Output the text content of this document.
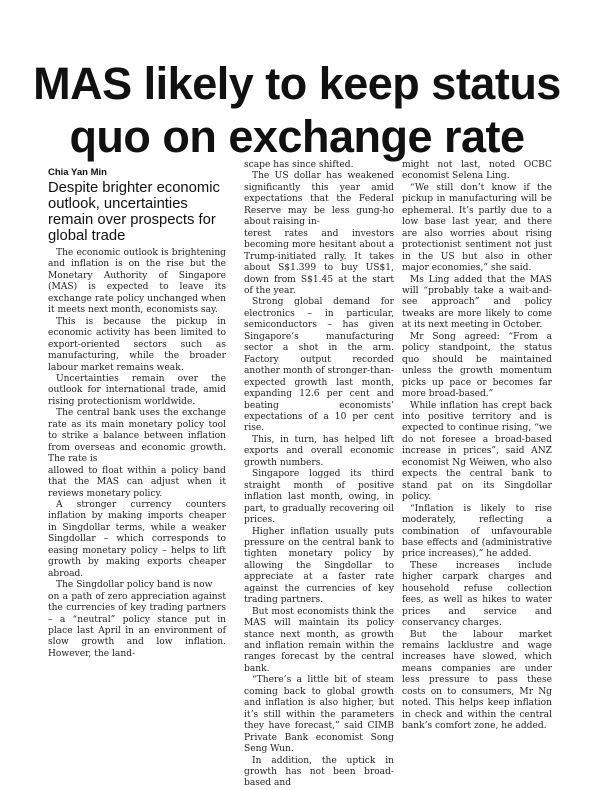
MAS likely to keep status
quo on exchange rate
Chia Yan Min
Despite brighter economic outlook, uncertainties remain over prospects for global trade

The economic outlook is brightening and inflation is on the rise but the Monetary Authority of Singapore (MAS) is expected to leave its exchange rate policy unchanged when it meets next month, economists say.

This is because the pickup in economic activity has been limited to export-oriented sectors such as manufacturing, while the broader labour market remains weak.

Uncertainties remain over the outlook for international trade, amid rising protectionism worldwide.

The central bank uses the exchange rate as its main monetary policy tool to strike a balance between inflation from overseas and economic growth. The rate is

allowed to float within a policy band that the MAS can adjust when it reviews monetary policy.

A stronger currency counters inflation by making imports cheaper in Singdollar terms, while a weaker Singdollar – which corresponds to easing monetary policy – helps to lift growth by making exports cheaper abroad.

The Singdollar policy band is now

on a path of zero appreciation against the currencies of key trading partners – a “neutral” policy stance put in place last April in an environment of slow growth and low inflation. However, the land-

scape has since shifted.

The US dollar has weakened significantly this year amid expectations that the Federal Reserve may be less gung-ho about raising in-

terest rates and investors becoming more hesitant about a Trump-initiated rally. It takes about S$1.399 to buy US$1, down from S$1.45 at the start of the year.

Strong global demand for electronics – in particular, semiconductors – has given Singapore’s manufacturing sector a shot in the arm. Factory output recorded another month of stronger-than-expected growth last month, expanding 12.6 per cent and beating economists’ expectations of a 10 per cent rise.

This, in turn, has helped lift exports and overall economic growth numbers.

Singapore logged its third straight month of positive inflation last month, owing, in part, to gradually recovering oil prices.

Higher inflation usually puts pressure on the central bank to tighten monetary policy by allowing the Singdollar to appreciate at a faster rate against the currencies of key trading partners.

But most economists think the MAS will maintain its policy stance next month, as growth and inflation remain within the ranges forecast by the central bank.

“There’s a little bit of steam coming back to global growth and inflation is also higher, but it’s still within the parameters they have forecast,” said CIMB Private Bank economist Song Seng Wun.

In addition, the uptick in growth has not been broad-based and

might not last, noted OCBC economist Selena Ling.

“We still don’t know if the pickup in manufacturing will be ephemeral. It’s partly due to a low base last year, and there are also worries about rising protectionist sentiment not just in the US but also in other major economies,” she said.

Ms Ling added that the MAS will “probably take a wait-and-see approach” and policy tweaks are more likely to come at its next meeting in October.

Mr Song agreed: “From a policy standpoint, the status quo should be maintained unless the growth momentum picks up pace or becomes far more broad-based.”

While inflation has crept back into positive territory and is expected to continue rising, “we do not foresee a broad-based increase in prices”, said ANZ economist Ng Weiwen, who also expects the central bank to stand pat on its Singdollar policy.

“Inflation is likely to rise moderately, reflecting a combination of unfavourable base effects and (administrative price increases),” he added.

These increases include higher carpark charges and household refuse collection fees, as well as hikes to water prices and service and conservancy charges.

But the labour market remains lacklustre and wage increases have slowed, which means companies are under less pressure to pass these costs on to consumers, Mr Ng noted. This helps keep inflation in check and within the central bank’s comfort zone, he added.
